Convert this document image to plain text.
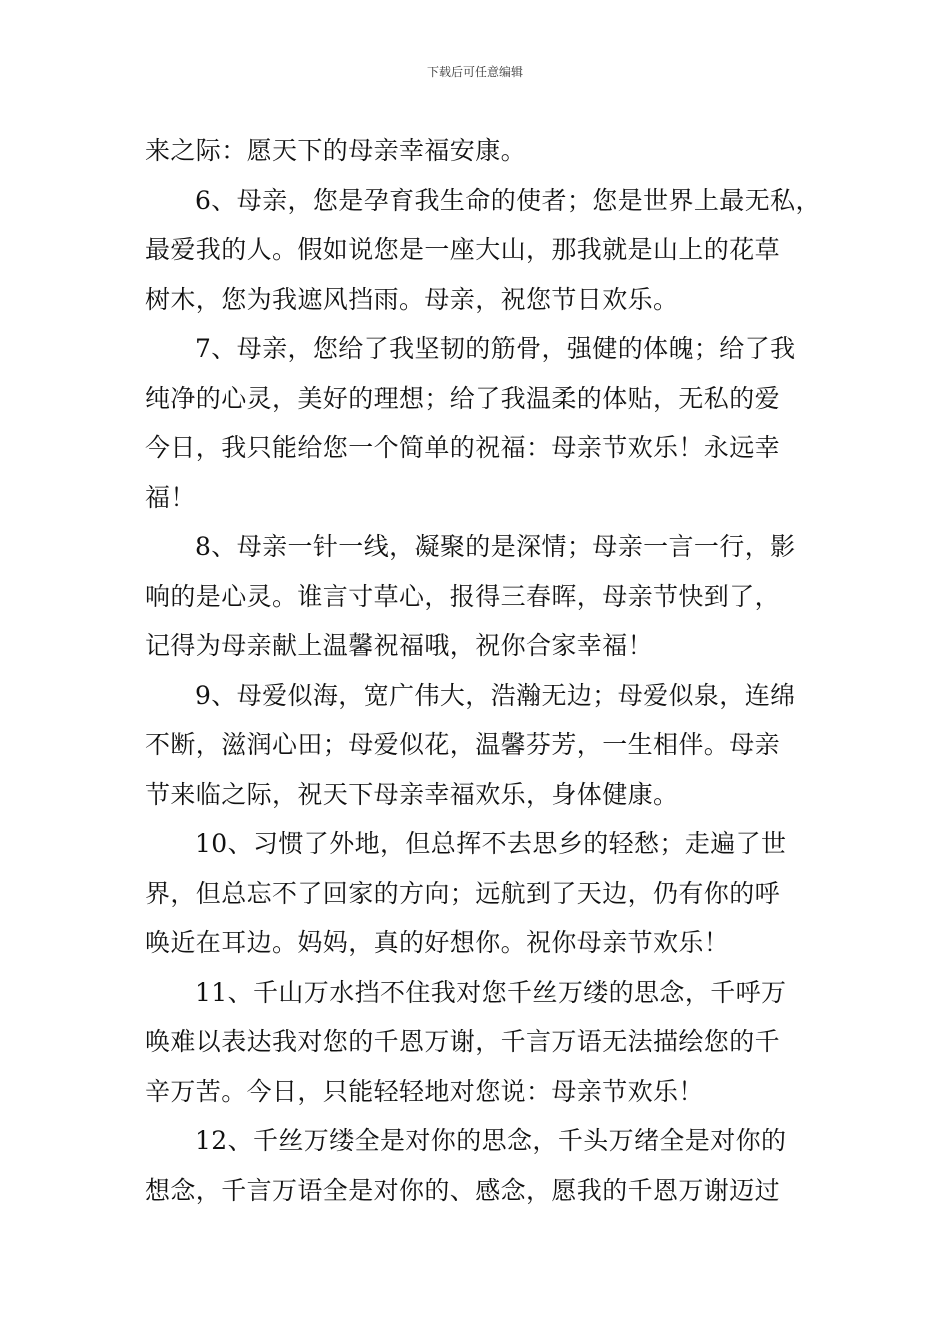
下载后可任意编辑
来之际：愿天下的母亲幸福安康。
6、母亲，您是孕育我生命的使者；您是世界上最无私，
最爱我的人。假如说您是一座大山，那我就是山上的花草
树木，您为我遮风挡雨。母亲，祝您节日欢乐。
7、母亲，您给了我坚韧的筋骨，强健的体魄；给了我
纯净的心灵，美好的理想；给了我温柔的体贴，无私的爱
今日，我只能给您一个简单的祝福：母亲节欢乐！永远幸
福！
8、母亲一针一线，凝聚的是深情；母亲一言一行，影
响的是心灵。谁言寸草心，报得三春晖，母亲节快到了，
记得为母亲献上温馨祝福哦，祝你合家幸福！
9、母爱似海，宽广伟大，浩瀚无边；母爱似泉，连绵
不断，滋润心田；母爱似花，温馨芬芳，一生相伴。母亲
节来临之际，祝天下母亲幸福欢乐，身体健康。
10、习惯了外地，但总挥不去思乡的轻愁；走遍了世
界，但总忘不了回家的方向；远航到了天边，仍有你的呼
唤近在耳边。妈妈，真的好想你。祝你母亲节欢乐！
11、千山万水挡不住我对您千丝万缕的思念，千呼万
唤难以表达我对您的千恩万谢，千言万语无法描绘您的千
辛万苦。今日，只能轻轻地对您说：母亲节欢乐！
12、千丝万缕全是对你的思念，千头万绪全是对你的
想念，千言万语全是对你的、感念，愿我的千恩万谢迈过
